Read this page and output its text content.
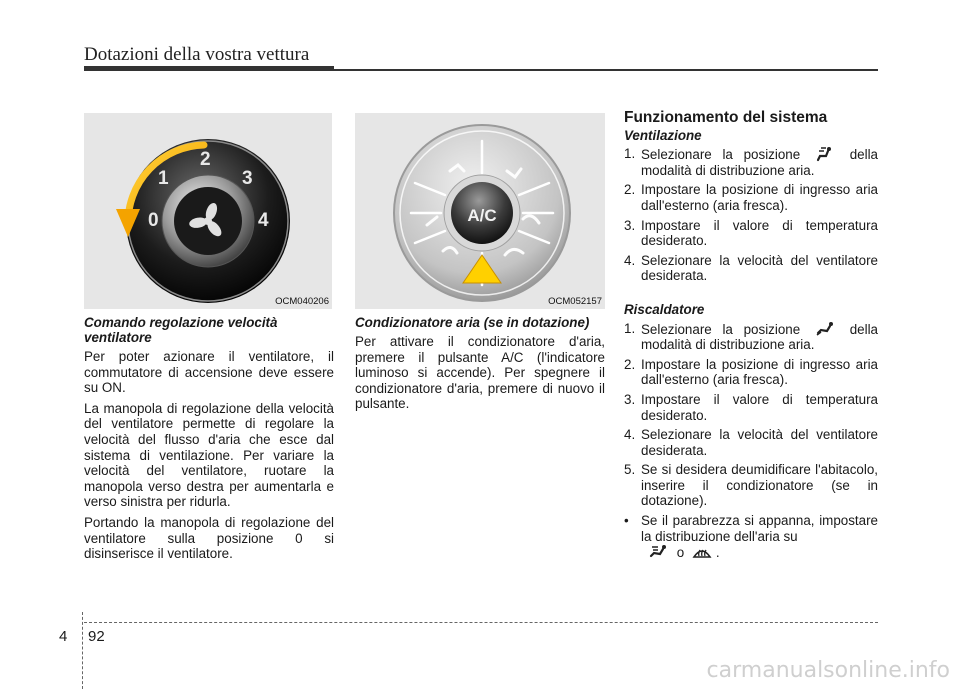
Dotazioni della vostra vettura
0
1
2
3
4
OCM040206
A/C
OCM052157
Comando regolazione velocità ventilatore

Per poter azionare il ventilatore, il commutatore di accensione deve essere su ON.

La manopola di regolazione della velocità del ventilatore permette di regolare la velocità del flusso d'aria che esce dal sistema di ventilazione. Per variare la velocità del ventilatore, ruotare la manopola verso destra per aumentarla e verso sinistra per ridurla.

Portando la manopola di regolazione del ventilatore sulla posizione 0 si disinserisce il ventilatore.

Condizionatore aria (se in dotazione)

Per attivare il condizionatore d'aria, premere il pulsante A/C (l'indicatore luminoso si accende). Per spegnere il condizionatore d'aria, premere di nuovo il pulsante.

Funzionamento del sistema
Ventilazione
1. Selezionare la posizione	della modalità di distribuzione aria.
2. Impostare la posizione di ingresso aria dall'esterno (aria fresca).
3. Impostare il valore di temperatura desiderato.
4. Selezionare la velocità del ventilatore desiderata.
Riscaldatore
1. Selezionare la posizione	della modalità di distribuzione aria.
2. Impostare la posizione di ingresso aria dall'esterno (aria fresca).
3. Impostare il valore di temperatura desiderato.
4. Selezionare la velocità del ventilatore desiderata.
5. Se si desidera deumidificare l'abitacolo, inserire il condizionatore (se in dotazione).
• Se il parabrezza si appanna, impostare la distribuzione dell'aria su
o .
4 92
carmanualsonline.info
